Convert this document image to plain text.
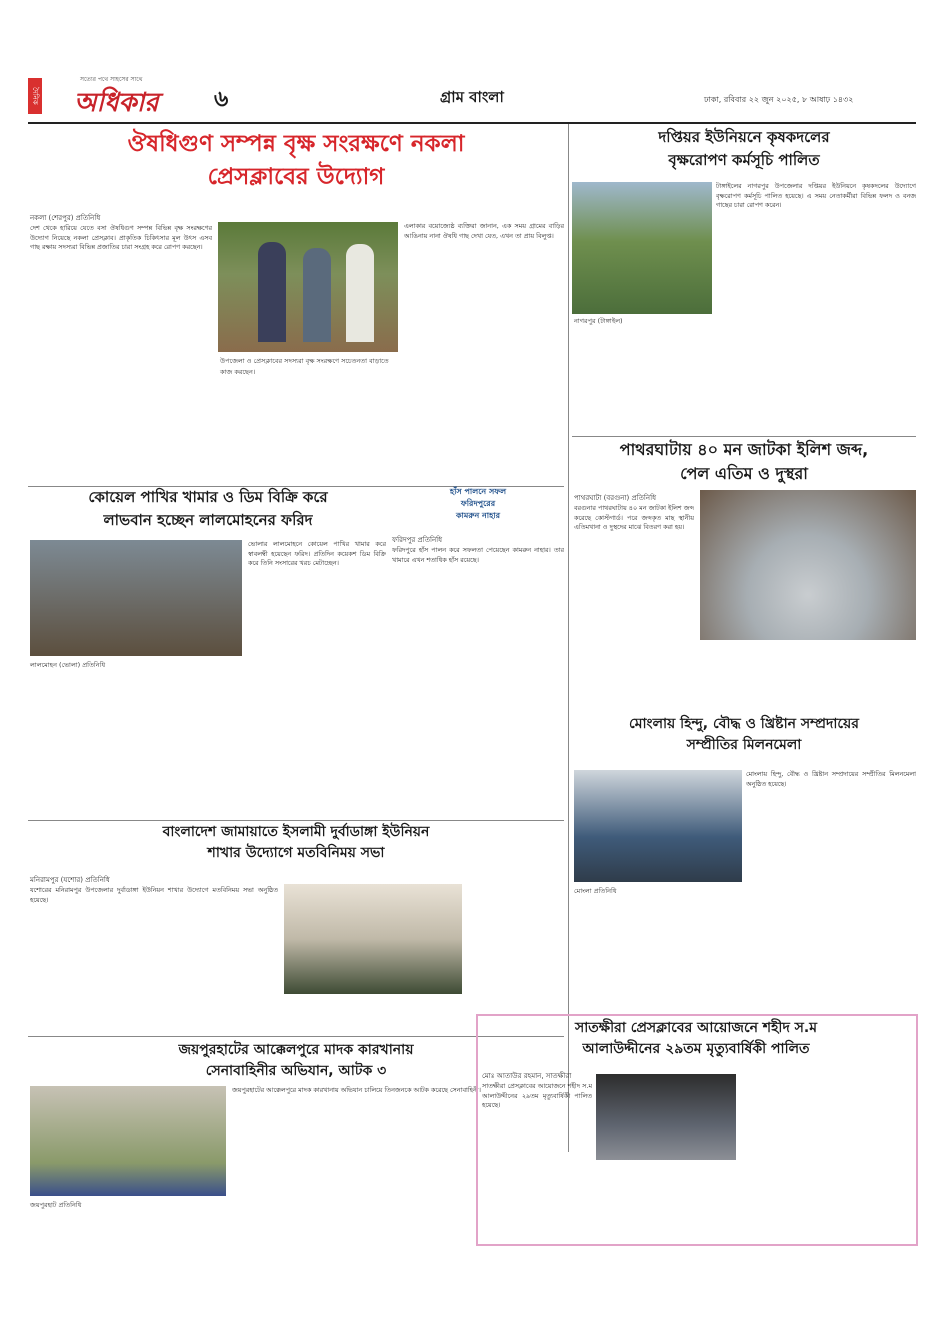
দৈনিক
সত্যের পথে সাহসের সাথে
অধিকার	৬	গ্রাম বাংলা	ঢাকা, রবিবার ২২ জুন ২০২৫, ৮ আষাঢ় ১৪৩২
ঔষধিগুণ সম্পন্ন বৃক্ষ সংরক্ষণে নকলা
প্রেসক্লাবের উদ্যোগ
নকলা (শেরপুর) প্রতিনিধি
দেশ থেকে হারিয়ে যেতে বসা ঔষধিগুণ সম্পন্ন বিভিন্ন বৃক্ষ সংরক্ষণের উদ্যোগ নিয়েছে নকলা প্রেসক্লাব। প্রাকৃতিক চিকিৎসার মূল উৎস এসব গাছ রক্ষায় সদস্যরা বিভিন্ন প্রজাতির চারা সংগ্রহ করে রোপণ করছেন।
এলাকার বয়োজ্যেষ্ঠ ব্যক্তিরা জানান, এক সময় গ্রামের বাড়ির আঙিনায় নানা ঔষধি গাছ দেখা যেত, এখন তা প্রায় বিলুপ্ত।
উপজেলা ও প্রেসক্লাবের সদস্যরা বৃক্ষ সংরক্ষণে সচেতনতা বাড়াতে কাজ করছেন।
দপ্তিয়র ইউনিয়নে কৃষকদলের
বৃক্ষরোপণ কর্মসূচি পালিত
নাগরপুর (টাঙ্গাইল)
টাঙ্গাইলের নাগরপুর উপজেলার দপ্তিয়র ইউনিয়নে কৃষকদলের উদ্যোগে বৃক্ষরোপণ কর্মসূচি পালিত হয়েছে। এ সময় নেতাকর্মীরা বিভিন্ন ফলদ ও বনজ গাছের চারা রোপণ করেন।
পাথরঘাটায় ৪০ মন জাটকা ইলিশ জব্দ,
পেল এতিম ও দুস্থরা
পাথরঘাটা (বরগুনা) প্রতিনিধি
বরগুনার পাথরঘাটায় ৪০ মন জাটকা ইলিশ জব্দ করেছে কোস্টগার্ড। পরে জব্দকৃত মাছ স্থানীয় এতিমখানা ও দুস্থদের মাঝে বিতরণ করা হয়।
কোয়েল পাখির খামার ও ডিম বিক্রি করে
লাভবান হচ্ছেন লালমোহনের ফরিদ
লালমোহন (ভোলা) প্রতিনিধি
ভোলার লালমোহনে কোয়েল পাখির খামার করে স্বাবলম্বী হয়েছেন ফরিদ। প্রতিদিন কয়েকশ ডিম বিক্রি করে তিনি সংসারের খরচ মেটাচ্ছেন।
হাঁস পালনে সফল
ফরিদপুরের
কামরুন নাহার
ফরিদপুর প্রতিনিধি
ফরিদপুরে হাঁস পালন করে সফলতা পেয়েছেন কামরুন নাহার। তার খামারে এখন শতাধিক হাঁস রয়েছে।
মোংলায় হিন্দু, বৌদ্ধ ও খ্রিষ্টান সম্প্রদায়ের
সম্প্রীতির মিলনমেলা
মোংলা প্রতিনিধি
মোংলায় হিন্দু, বৌদ্ধ ও খ্রিষ্টান সম্প্রদায়ের সম্প্রীতির মিলনমেলা অনুষ্ঠিত হয়েছে।
বাংলাদেশ জামায়াতে ইসলামী দুর্বাডাঙ্গা ইউনিয়ন
শাখার উদ্যোগে মতবিনিময় সভা
মনিরামপুর (যশোর) প্রতিনিধি
যশোরের মনিরামপুর উপজেলার দুর্বাডাঙ্গা ইউনিয়ন শাখার উদ্যোগে মতবিনিময় সভা অনুষ্ঠিত হয়েছে।
জয়পুরহাটের আক্কেলপুরে মাদক কারখানায়
সেনাবাহিনীর অভিযান, আটক ৩
জয়পুরহাট প্রতিনিধি
জয়পুরহাটের আক্কেলপুরে মাদক কারখানায় অভিযান চালিয়ে তিনজনকে আটক করেছে সেনাবাহিনী।
সাতক্ষীরা প্রেসক্লাবের আয়োজনে শহীদ স.ম
আলাউদ্দীনের ২৯তম মৃত্যুবার্ষিকী পালিত
মোঃ আতাউর রহমান, সাতক্ষীরা
সাতক্ষীরা প্রেসক্লাবের আয়োজনে শহীদ স.ম আলাউদ্দীনের ২৯তম মৃত্যুবার্ষিকী পালিত হয়েছে।
